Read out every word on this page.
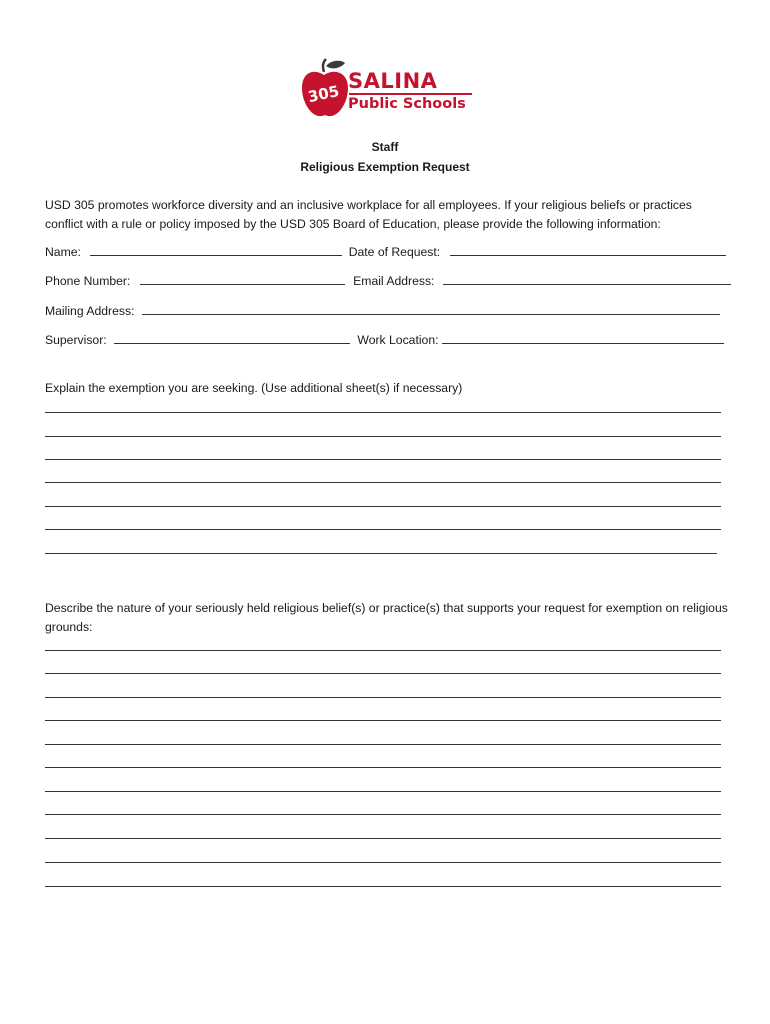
305
SALINA
Public Schools
Staff
Religious Exemption Request
USD 305 promotes workforce diversity and an inclusive workplace for all employees. If your religious beliefs or practices conflict with a rule or policy imposed by the USD 305 Board of Education, please provide the following information:
Name:	Date of Request:
Phone Number:	Email Address:
Mailing Address:
Supervisor:	Work Location:
Explain the exemption you are seeking. (Use additional sheet(s) if necessary)
Describe the nature of your seriously held religious belief(s) or practice(s) that supports your request for exemption on religious grounds:
